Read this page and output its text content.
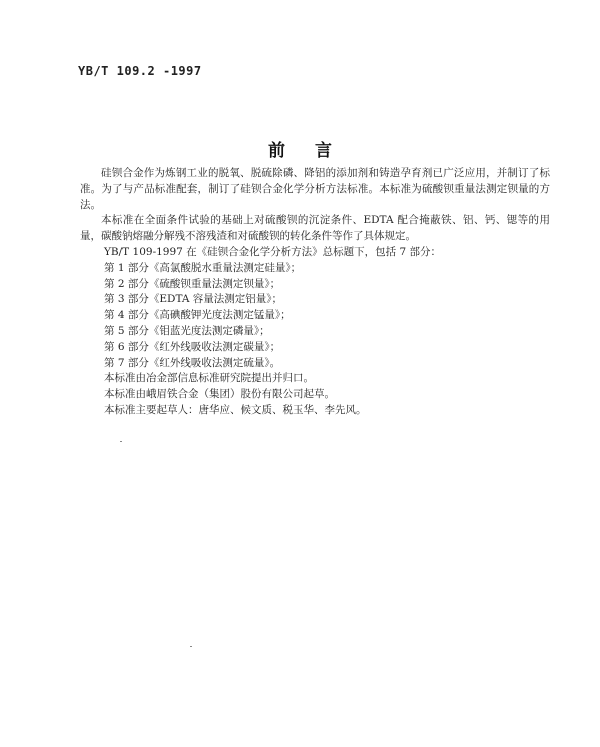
YB/T 109.2 -1997
前言

硅钡合金作为炼钢工业的脱氧、脱硫除磷、降铝的添加剂和铸造孕育剂已广泛应用，并制订了标准。为了与产品标准配套，制订了硅钡合金化学分析方法标准。本标准为硫酸钡重量法测定钡量的方法。

本标准在全面条件试验的基础上对硫酸钡的沉淀条件、EDTA 配合掩蔽铁、铝、钙、锶等的用量，碳酸钠熔融分解残不溶残渣和对硫酸钡的转化条件等作了具体规定。

YB/T 109-1997 在《硅钡合金化学分析方法》总标题下，包括 7 部分：

第 1 部分《高氯酸脱水重量法测定硅量》；

第 2 部分《硫酸钡重量法测定钡量》；

第 3 部分《EDTA 容量法测定铝量》；

第 4 部分《高碘酸钾光度法测定锰量》；

第 5 部分《钼蓝光度法测定磷量》；

第 6 部分《红外线吸收法测定碳量》；

第 7 部分《红外线吸收法测定硫量》。

本标准由冶金部信息标准研究院提出并归口。

本标准由峨眉铁合金（集团）股份有限公司起草。

本标准主要起草人：唐华应、候文质、税玉华、李先风。
